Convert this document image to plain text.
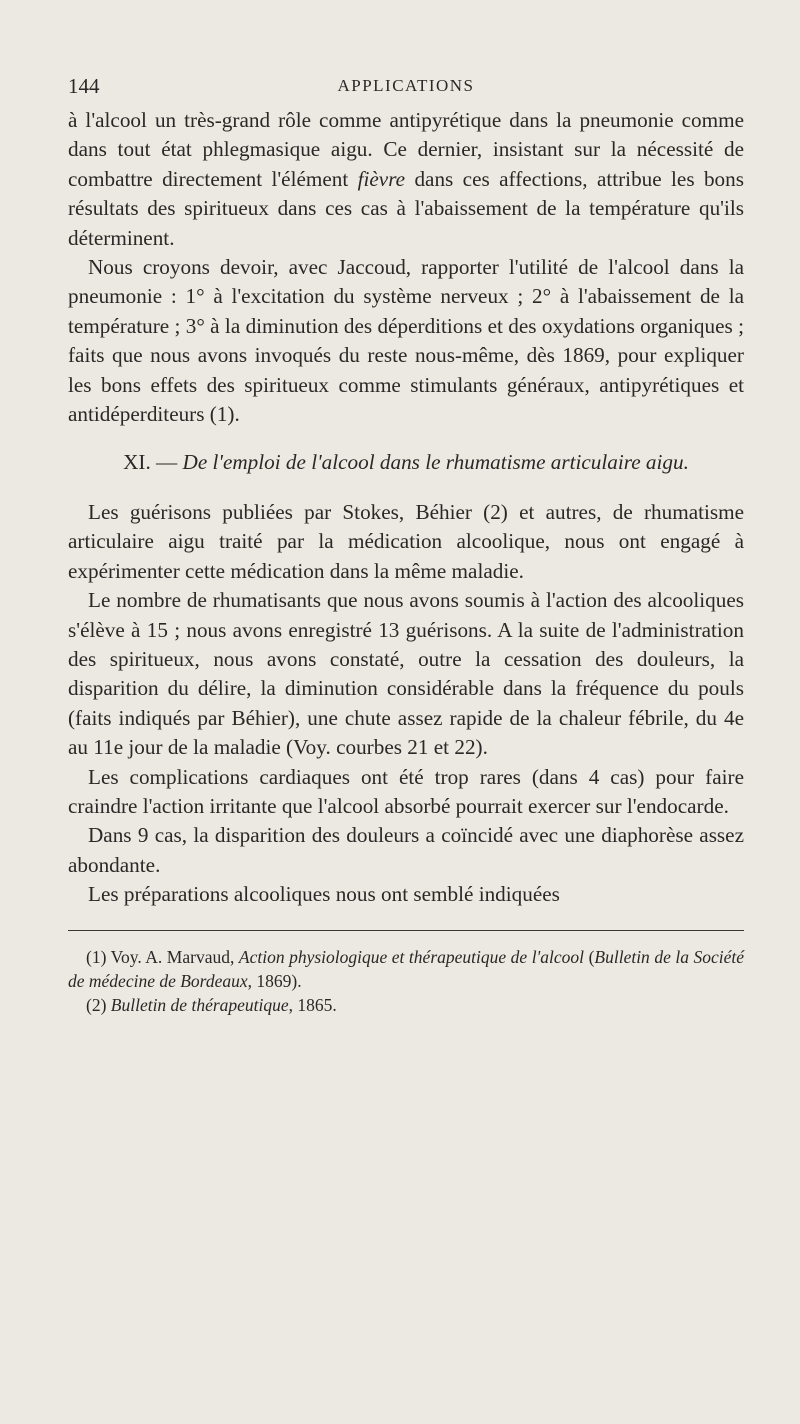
144	APPLICATIONS

à l'alcool un très-grand rôle comme antipyrétique dans la pneumonie comme dans tout état phlegmasique aigu. Ce dernier, insistant sur la nécessité de combattre directement l'élément fièvre dans ces affections, attribue les bons résultats des spiritueux dans ces cas à l'abaissement de la température qu'ils déterminent.

Nous croyons devoir, avec Jaccoud, rapporter l'utilité de l'alcool dans la pneumonie : 1° à l'excitation du système nerveux ; 2° à l'abaissement de la température ; 3° à la diminution des déperditions et des oxydations organiques ; faits que nous avons invoqués du reste nous-même, dès 1869, pour expliquer les bons effets des spiritueux comme stimulants généraux, antipyrétiques et antidéperditeurs (1).

XI. — De l'emploi de l'alcool dans le rhumatisme articulaire aigu.

Les guérisons publiées par Stokes, Béhier (2) et autres, de rhumatisme articulaire aigu traité par la médication alcoolique, nous ont engagé à expérimenter cette médication dans la même maladie.

Le nombre de rhumatisants que nous avons soumis à l'action des alcooliques s'élève à 15 ; nous avons enregistré 13 guérisons. A la suite de l'administration des spiritueux, nous avons constaté, outre la cessation des douleurs, la disparition du délire, la diminution considérable dans la fréquence du pouls (faits indiqués par Béhier), une chute assez rapide de la chaleur fébrile, du 4e au 11e jour de la maladie (Voy. courbes 21 et 22).

Les complications cardiaques ont été trop rares (dans 4 cas) pour faire craindre l'action irritante que l'alcool absorbé pourrait exercer sur l'endocarde.

Dans 9 cas, la disparition des douleurs a coïncidé avec une diaphorèse assez abondante.

Les préparations alcooliques nous ont semblé indiquées

(1) Voy. A. Marvaud, Action physiologique et thérapeutique de l'alcool (Bulletin de la Société de médecine de Bordeaux, 1869).

(2) Bulletin de thérapeutique, 1865.
